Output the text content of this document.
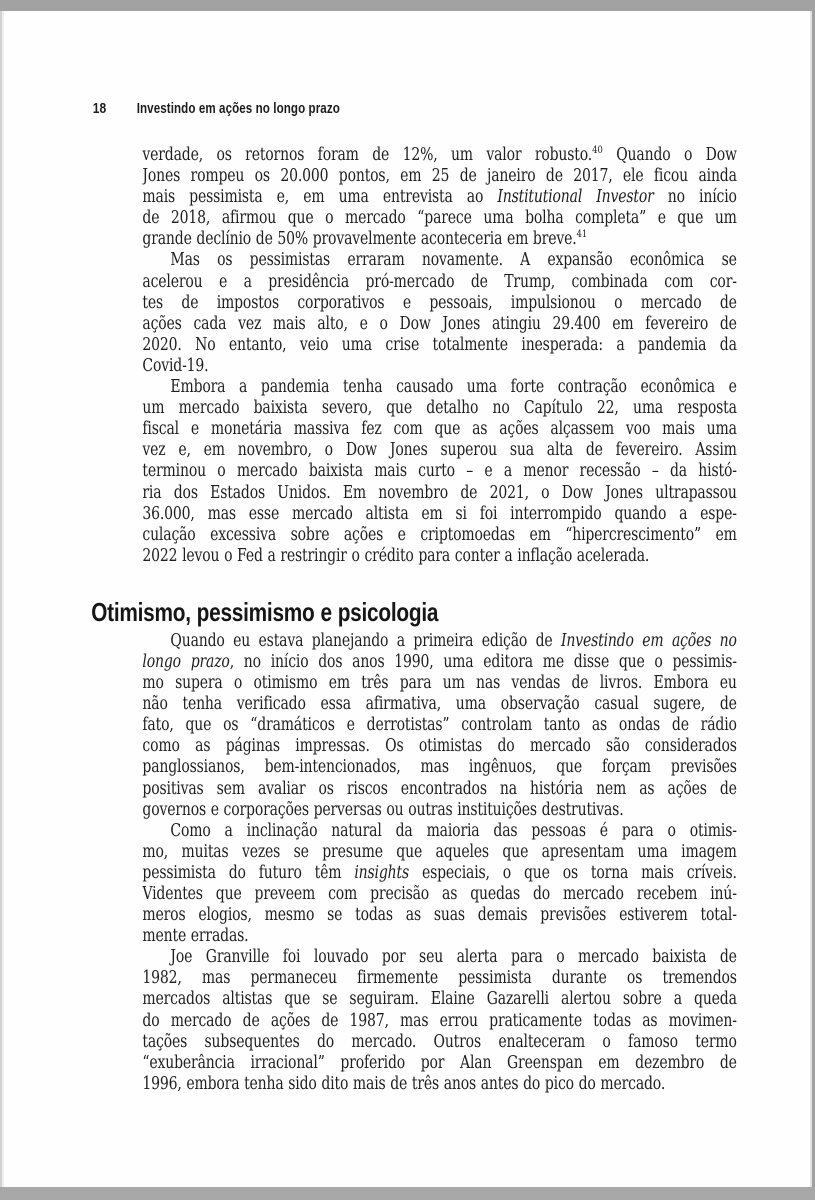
18 Investindo em ações no longo prazo
verdade, os retornos foram de 12%, um valor robusto.$^{40}$ Quando o Dow
Jones rompeu os 20.000 pontos, em 25 de janeiro de 2017, ele ficou ainda
mais pessimista e, em uma entrevista ao Institutional Investor no início
de 2018, afirmou que o mercado “parece uma bolha completa” e que um
grande declínio de 50% provavelmente aconteceria em breve.$^{41}$
Mas os pessimistas erraram novamente. A expansão econômica se
acelerou e a presidência pró-mercado de Trump, combinada com cor-
tes de impostos corporativos e pessoais, impulsionou o mercado de
ações cada vez mais alto, e o Dow Jones atingiu 29.400 em fevereiro de
2020. No entanto, veio uma crise totalmente inesperada: a pandemia da
Covid-19.
Embora a pandemia tenha causado uma forte contração econômica e
um mercado baixista severo, que detalho no Capítulo 22, uma resposta
fiscal e monetária massiva fez com que as ações alçassem voo mais uma
vez e, em novembro, o Dow Jones superou sua alta de fevereiro. Assim
terminou o mercado baixista mais curto – e a menor recessão – da histó-
ria dos Estados Unidos. Em novembro de 2021, o Dow Jones ultrapassou
36.000, mas esse mercado altista em si foi interrompido quando a espe-
culação excessiva sobre ações e criptomoedas em “hipercrescimento” em
2022 levou o Fed a restringir o crédito para conter a inflação acelerada.
Otimismo, pessimismo e psicologia
Quando eu estava planejando a primeira edição de Investindo em ações no
longo prazo, no início dos anos 1990, uma editora me disse que o pessimis-
mo supera o otimismo em três para um nas vendas de livros. Embora eu
não tenha verificado essa afirmativa, uma observação casual sugere, de
fato, que os “dramáticos e derrotistas” controlam tanto as ondas de rádio
como as páginas impressas. Os otimistas do mercado são considerados
panglossianos, bem-intencionados, mas ingênuos, que forçam previsões
positivas sem avaliar os riscos encontrados na história nem as ações de
governos e corporações perversas ou outras instituições destrutivas.
Como a inclinação natural da maioria das pessoas é para o otimis-
mo, muitas vezes se presume que aqueles que apresentam uma imagem
pessimista do futuro têm insights especiais, o que os torna mais críveis.
Videntes que preveem com precisão as quedas do mercado recebem inú-
meros elogios, mesmo se todas as suas demais previsões estiverem total-
mente erradas.
Joe Granville foi louvado por seu alerta para o mercado baixista de
1982, mas permaneceu firmemente pessimista durante os tremendos
mercados altistas que se seguiram. Elaine Gazarelli alertou sobre a queda
do mercado de ações de 1987, mas errou praticamente todas as movimen-
tações subsequentes do mercado. Outros enalteceram o famoso termo
“exuberância irracional” proferido por Alan Greenspan em dezembro de
1996, embora tenha sido dito mais de três anos antes do pico do mercado.
